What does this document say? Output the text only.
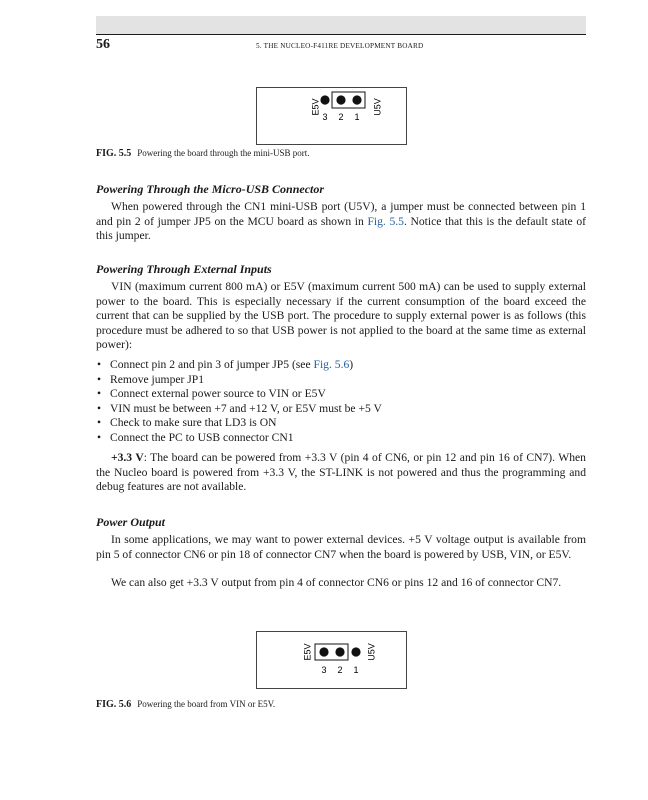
56	5. THE NUCLEO-F411RE DEVELOPMENT BOARD
E5V	U5V
3 2 1
FIG. 5.5 Powering the board through the mini-USB port.
Powering Through the Micro-USB Connector
When powered through the CN1 mini-USB port (U5V), a jumper must be connected between pin 1 and pin 2 of jumper JP5 on the MCU board as shown in Fig. 5.5. Notice that this is the default state of this jumper.
Powering Through External Inputs
VIN (maximum current 800 mA) or E5V (maximum current 500 mA) can be used to supply external power to the board. This is especially necessary if the current consumption of the board exceed the current that can be supplied by the USB port. The procedure to supply external power is as follows (this procedure must be adhered to so that USB power is not applied to the board at the same time as external power):
• Connect pin 2 and pin 3 of jumper JP5 (see Fig. 5.6)
• Remove jumper JP1
• Connect external power source to VIN or E5V
• VIN must be between +7 and +12 V, or E5V must be +5 V
• Check to make sure that LD3 is ON
• Connect the PC to USB connector CN1
+3.3 V: The board can be powered from +3.3 V (pin 4 of CN6, or pin 12 and pin 16 of CN7). When the Nucleo board is powered from +3.3 V, the ST-LINK is not powered and thus the programming and debug features are not available.
Power Output
In some applications, we may want to power external devices. +5 V voltage output is available from pin 5 of connector CN6 or pin 18 of connector CN7 when the board is powered by USB, VIN, or E5V.
We can also get +3.3 V output from pin 4 of connector CN6 or pins 12 and 16 of connector CN7.
E5V	U5V
3 2 1
FIG. 5.6 Powering the board from VIN or E5V.
